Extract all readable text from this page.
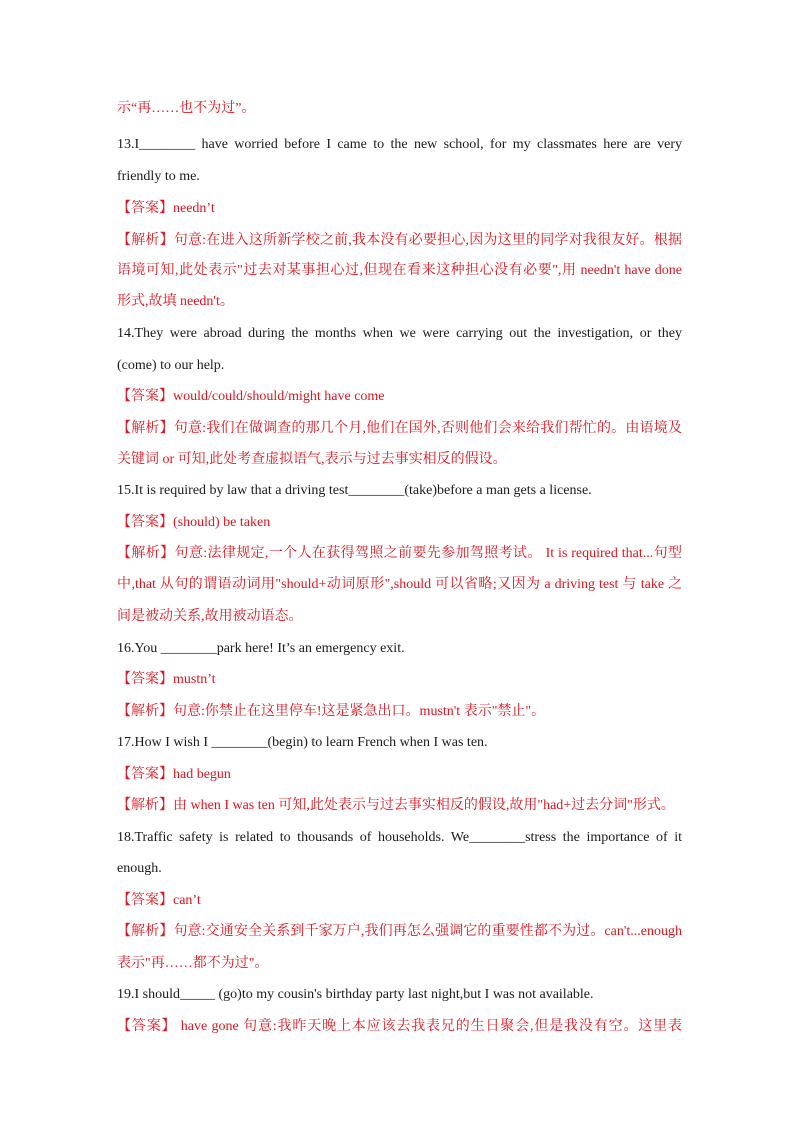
示“再……也不为过”。
13.I________ have worried before I came to the new school, for my classmates here are very
friendly to me.
【答案】needn’t
【解析】句意:在进入这所新学校之前,我本没有必要担心,因为这里的同学对我很友好。根据
语境可知,此处表示"过去对某事担心过,但现在看来这种担心没有必要",用 needn't have done
形式,故填 needn't。
14.They were abroad during the months when we were carrying out the investigation, or they
(come) to our help.
【答案】would/could/should/might have come
【解析】句意:我们在做调查的那几个月,他们在国外,否则他们会来给我们帮忙的。由语境及
关键词 or 可知,此处考查虚拟语气,表示与过去事实相反的假设。
15.It is required by law that a driving test________(take)before a man gets a license.
【答案】(should) be taken
【解析】句意:法律规定,一个人在获得驾照之前要先参加驾照考试。 It is required that...句型
中,that 从句的谓语动词用"should+动词原形",should 可以省略;又因为 a driving test 与 take 之
间是被动关系,故用被动语态。
16.You ________park here! It’s an emergency exit.
【答案】mustn’t
【解析】句意:你禁止在这里停车!这是紧急出口。mustn't 表示"禁止"。
17.How I wish I ________(begin) to learn French when I was ten.
【答案】had begun
【解析】由 when I was ten 可知,此处表示与过去事实相反的假设,故用"had+过去分词"形式。
18.Traffic safety is related to thousands of households. We________stress the importance of it
enough.
【答案】can’t
【解析】句意:交通安全关系到千家万户,我们再怎么强调它的重要性都不为过。can't...enough
表示"再……都不为过"。
19.I should_____ (go)to my cousin's birthday party last night,but I was not available.
【答案】 have gone 句意:我昨天晚上本应该去我表兄的生日聚会,但是我没有空。这里表
